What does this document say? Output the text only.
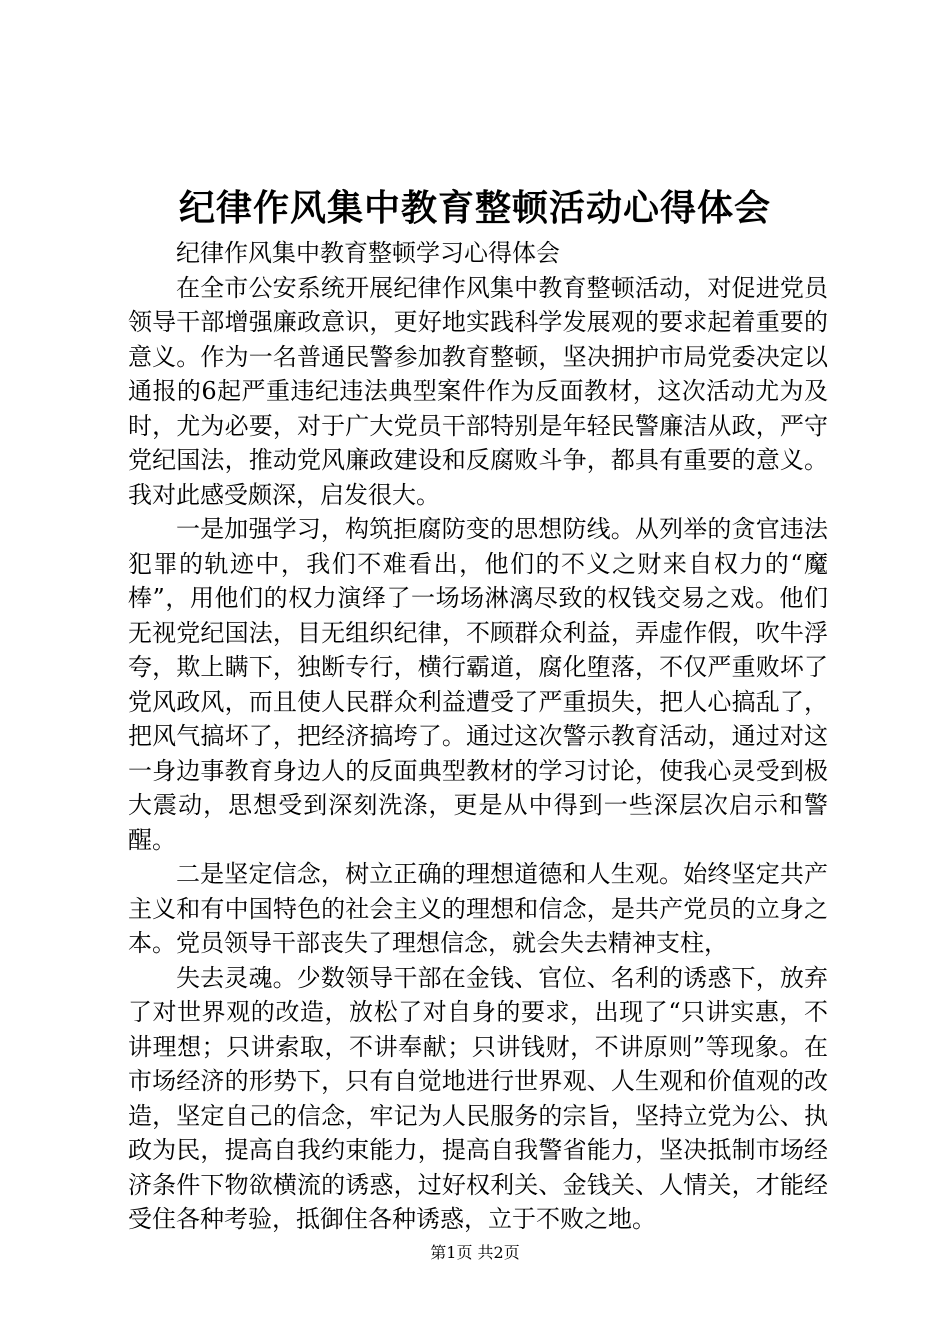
纪律作风集中教育整顿活动心得体会

纪律作风集中教育整顿学习心得体会

在全市公安系统开展纪律作风集中教育整顿活动，对促进党员领导干部增强廉政意识，更好地实践科学发展观的要求起着重要的意义。作为一名普通民警参加教育整顿，坚决拥护市局党委决定以通报的6起严重违纪违法典型案件作为反面教材，这次活动尤为及时，尤为必要，对于广大党员干部特别是年轻民警廉洁从政，严守党纪国法，推动党风廉政建设和反腐败斗争，都具有重要的意义。我对此感受颇深，启发很大。

一是加强学习，构筑拒腐防变的思想防线。从列举的贪官违法犯罪的轨迹中，我们不难看出，他们的不义之财来自权力的“魔棒”，用他们的权力演绎了一场场淋漓尽致的权钱交易之戏。他们无视党纪国法，目无组织纪律，不顾群众利益，弄虚作假，吹牛浮夸，欺上瞒下，独断专行，横行霸道，腐化堕落，不仅严重败坏了党风政风，而且使人民群众利益遭受了严重损失，把人心搞乱了，把风气搞坏了，把经济搞垮了。通过这次警示教育活动，通过对这一身边事教育身边人的反面典型教材的学习讨论，使我心灵受到极大震动，思想受到深刻洗涤，更是从中得到一些深层次启示和警醒。

二是坚定信念，树立正确的理想道德和人生观。始终坚定共产主义和有中国特色的社会主义的理想和信念，是共产党员的立身之本。党员领导干部丧失了理想信念，就会失去精神支柱，

失去灵魂。少数领导干部在金钱、官位、名利的诱惑下，放弃了对世界观的改造，放松了对自身的要求，出现了“只讲实惠，不讲理想；只讲索取，不讲奉献；只讲钱财，不讲原则”等现象。在市场经济的形势下，只有自觉地进行世界观、人生观和价值观的改造，坚定自己的信念，牢记为人民服务的宗旨，坚持立党为公、执政为民，提高自我约束能力，提高自我警省能力，坚决抵制市场经济条件下物欲横流的诱惑，过好权利关、金钱关、人情关，才能经受住各种考验，抵御住各种诱惑，立于不败之地。

第1页 共2页
